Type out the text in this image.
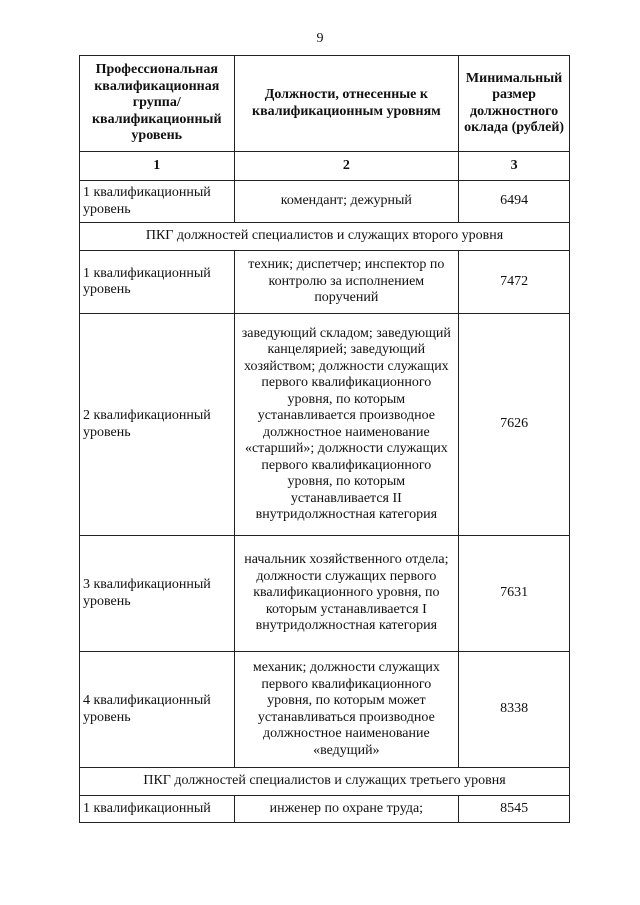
9
Профессиональная квалификационная группа/ квалификационный уровень	Должности, отнесенные к квалификационным уровням	Минимальный размер должностного оклада (рублей)
1	2	3
1 квалификационный уровень	комендант; дежурный	6494
ПКГ должностей специалистов и служащих второго уровня		
1 квалификационный уровень	техник; диспетчер; инспектор по контролю за исполнением поручений	7472
2 квалификационный уровень	заведующий складом; заведующий канцелярией; заведующий хозяйством; должности служащих первого квалификационного уровня, по которым устанавливается производное должностное наименование «старший»; должности служащих первого квалификационного уровня, по которым устанавливается II внутридолжностная категория	7626
3 квалификационный уровень	начальник хозяйственного отдела; должности служащих первого квалификационного уровня, по которым устанавливается I внутридолжностная категория	7631
4 квалификационный уровень	механик; должности служащих первого квалификационного уровня, по которым может устанавливаться производное должностное наименование «ведущий»	8338
ПКГ должностей специалистов и служащих третьего уровня		
1 квалификационный	инженер по охране труда;	8545
